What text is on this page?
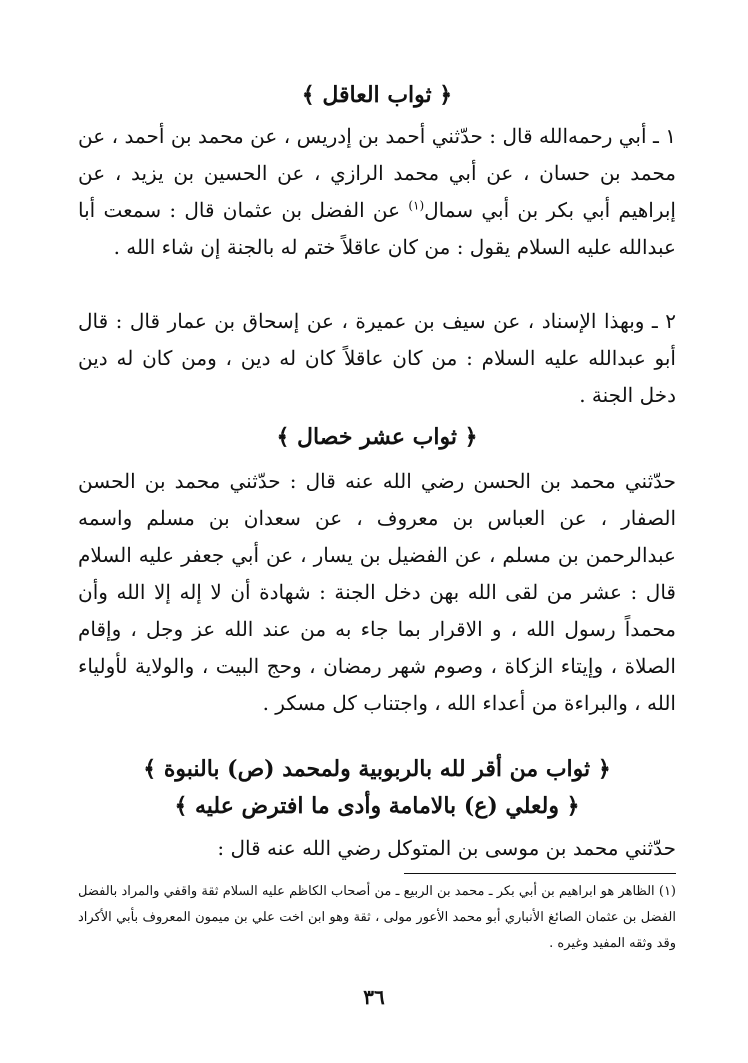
﴿ ثواب العاقل ﴾

١ ـ أبي رحمه‌الله قال : حدّثني أحمد بن إدريس ، عن محمد بن أحمد ، عن محمد بن حسان ، عن أبي محمد الرازي ، عن الحسين بن يزيد ، عن إبراهيم أبي بكر بن أبي سمال$^{(١)}$ عن الفضل بن عثمان قال : سمعت أبا عبدالله عليه السلام يقول : من كان عاقلاً ختم له بالجنة إن شاء الله .

٢ ـ وبهذا الإسناد ، عن سيف بن عميرة ، عن إسحاق بن عمار قال : قال أبو عبدالله عليه السلام : من كان عاقلاً كان له دين ، ومن كان له دين دخل الجنة .

﴿ ثواب عشر خصال ﴾

حدّثني محمد بن الحسن رضي الله عنه قال : حدّثني محمد بن الحسن الصفار ، عن العباس بن معروف ، عن سعدان بن مسلم واسمه عبدالرحمن بن مسلم ، عن الفضيل بن يسار ، عن أبي جعفر عليه السلام قال : عشر من لقى الله بهن دخل الجنة : شهادة أن لا إله إلا الله وأن محمداً رسول الله ، و الاقرار بما جاء به من عند الله عز وجل ، وإقام الصلاة ، وإيتاء الزكاة ، وصوم شهر رمضان ، وحج البيت ، والولاية لأولياء الله ، والبراءة من أعداء الله ، واجتناب كل مسكر .

﴿ ثواب من أقر لله بالربوبية ولمحمد (ص) بالنبوة ﴾
﴿ ولعلي (ع) بالامامة وأدى ما افترض عليه ﴾

حدّثني محمد بن موسى بن المتوكل رضي الله عنه قال :

(١) الظاهر هو ابراهيم بن أبي بكر ـ محمد بن الربيع ـ من أصحاب الكاظم عليه السلام ثقة واقفي والمراد بالفضل الفضل بن عثمان الصائغ الأنباري أبو محمد الأعور مولى ، ثقة وهو ابن اخت علي بن ميمون المعروف بأبي الأكراد وقد وثقه المفيد وغيره .

٣٦
